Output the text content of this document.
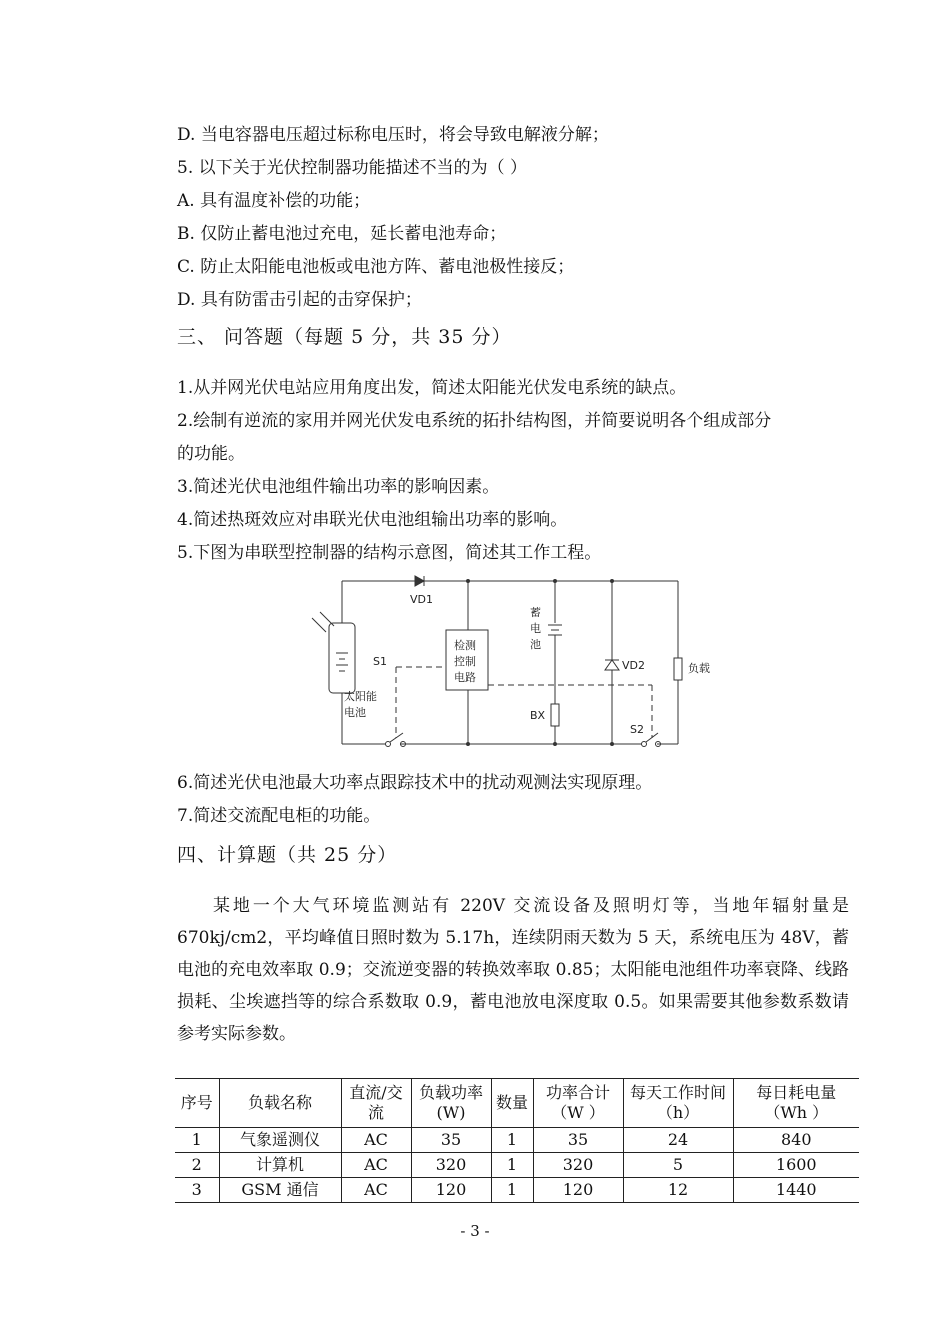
D. 当电容器电压超过标称电压时，将会导致电解液分解；
5. 以下关于光伏控制器功能描述不当的为（ ）
A. 具有温度补偿的功能；
B. 仅防止蓄电池过充电，延长蓄电池寿命；
C. 防止太阳能电池板或电池方阵、蓄电池极性接反；
D. 具有防雷击引起的击穿保护；
三、 问答题（每题 5 分，共 35 分）
1.从并网光伏电站应用角度出发，简述太阳能光伏发电系统的缺点。
2.绘制有逆流的家用并网光伏发电系统的拓扑结构图，并简要说明各个组成部分
的功能。
3.简述光伏电池组件输出功率的影响因素。
4.简述热斑效应对串联光伏电池组输出功率的影响。
5.下图为串联型控制器的结构示意图，简述其工作工程。
VD1
S1
太阳能
电池
检测
控制
电路
蓄
电
池
BX
VD2
S2
负载
6.简述光伏电池最大功率点跟踪技术中的扰动观测法实现原理。
7.简述交流配电柜的功能。
四、计算题（共 25 分）
某地一个大气环境监测站有 220V 交流设备及照明灯等，当地年辐射量是670kj/cm2，平均峰值日照时数为 5.17h，连续阴雨天数为 5 天，系统电压为 48V，蓄电池的充电效率取 0.9；交流逆变器的转换效率取 0.85；太阳能电池组件功率衰降、线路损耗、尘埃遮挡等的综合系数取 0.9，蓄电池放电深度取 0.5。如果需要其他参数系数请参考实际参数。
序号	负载名称	直流/交流	负载功率(W)	数量	功率合计（W ）	每天工作时间（h）	每日耗电量（Wh ）
1	气象遥测仪	AC	35	1	35	24	840
2	计算机	AC	320	1	320	5	1600
3	GSM 通信	AC	120	1	120	12	1440
- 3 -
